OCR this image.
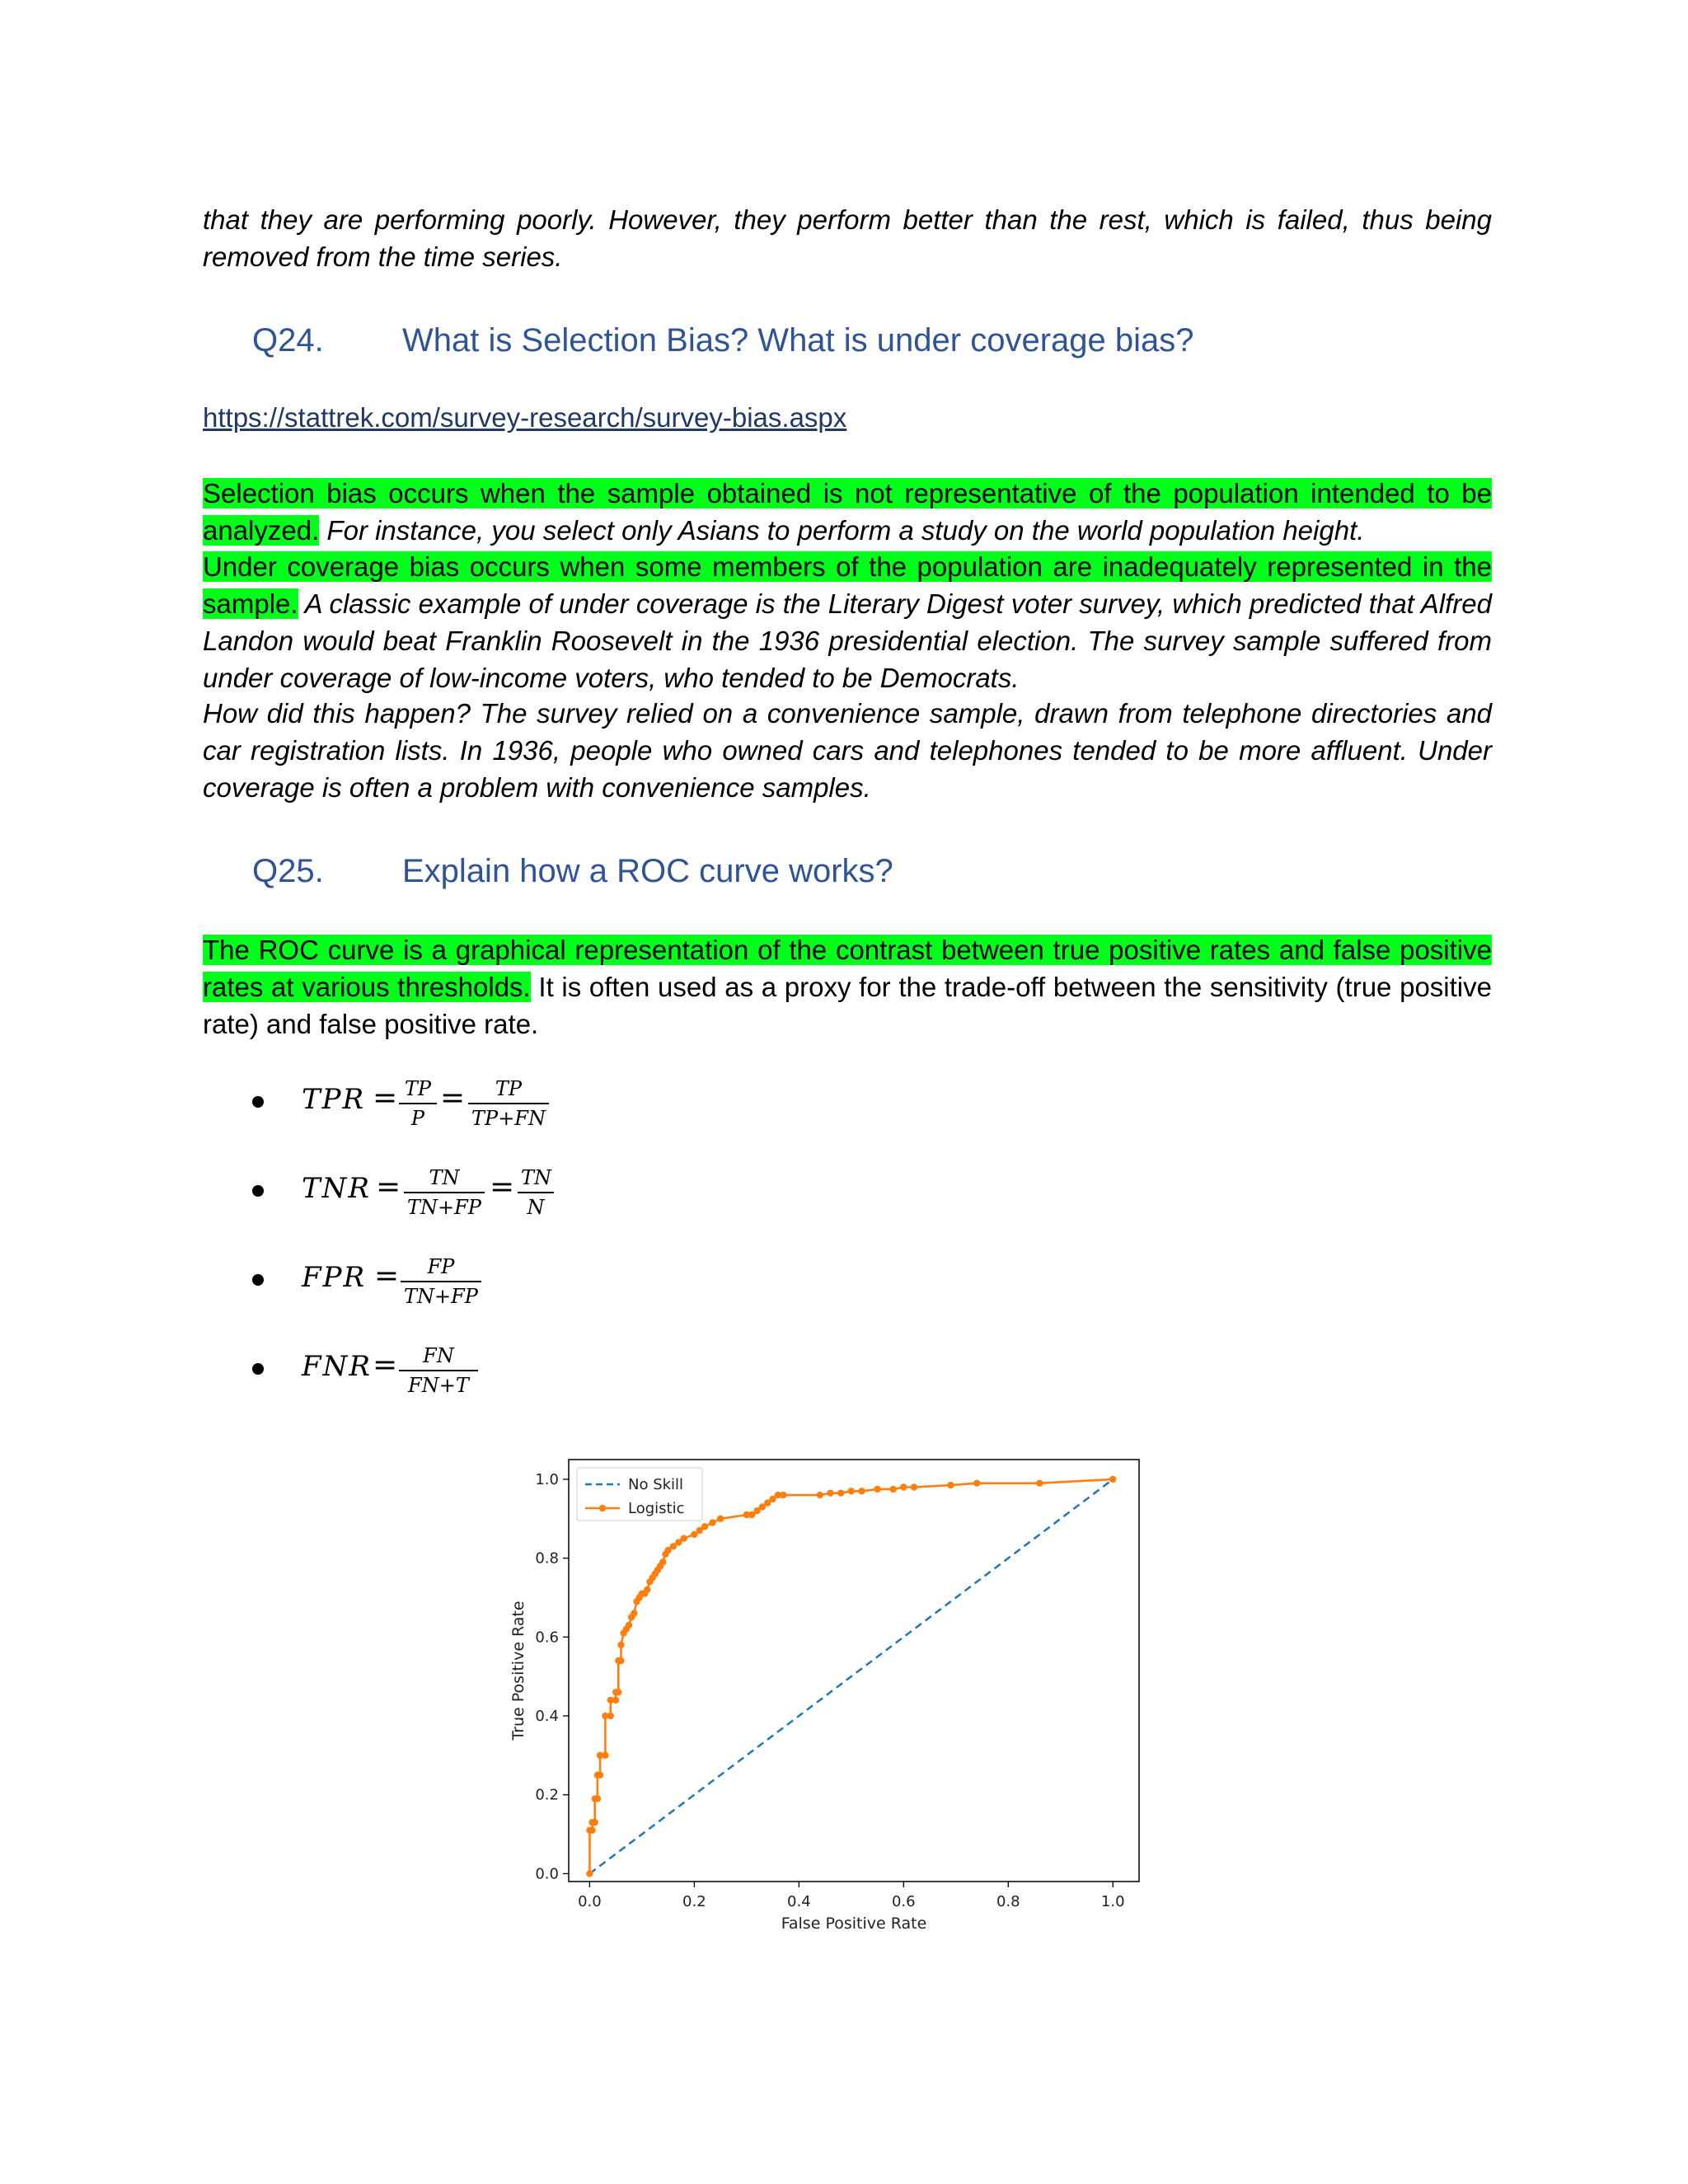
that they are performing poorly. However, they perform better than the rest, which is failed, thus being removed from the time series.

Q24. What is Selection Bias? What is under coverage bias?
https://stattrek.com/survey-research/survey-bias.aspx

Selection bias occurs when the sample obtained is not representative of the population intended to be analyzed. For instance, you select only Asians to perform a study on the world population height.

Under coverage bias occurs when some members of the population are inadequately represented in the sample. A classic example of under coverage is the Literary Digest voter survey, which predicted that Alfred Landon would beat Franklin Roosevelt in the 1936 presidential election. The survey sample suffered from under coverage of low-income voters, who tended to be Democrats.

How did this happen? The survey relied on a convenience sample, drawn from telephone directories and car registration lists. In 1936, people who owned cars and telephones tended to be more affluent. Under coverage is often a problem with convenience samples.

Q25. Explain how a ROC curve works?

The ROC curve is a graphical representation of the contrast between true positive rates and false positive rates at various thresholds. It is often used as a proxy for the trade-off between the sensitivity (true positive rate) and false positive rate.

TPR = TP
P
=	TP
TP+FN
TNR =	TN
TN+FP
= TN
N
FPR =	FP
TN+FP
FNR =	FN
FN+T
0.0	0.2	0.4	0.6	0.8	1.0
0.0
0.2
0.4
0.6
0.8
1.0
False Positive Rate
True Positive Rate
No Skill
Logistic
